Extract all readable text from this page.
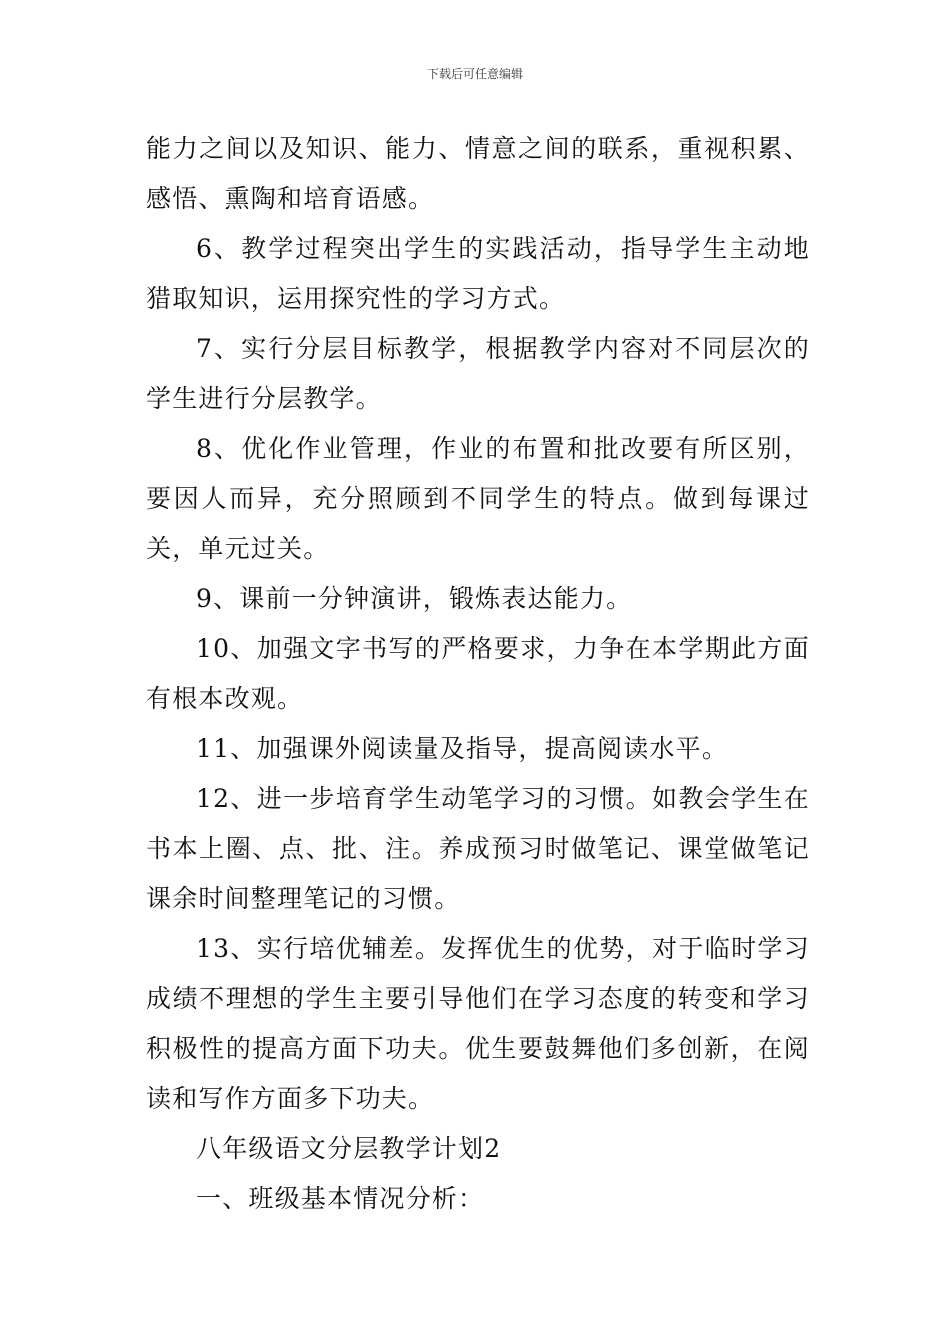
下载后可任意编辑

能力之间以及知识、能力、情意之间的联系，重视积累、感悟、熏陶和培育语感。

6、教学过程突出学生的实践活动，指导学生主动地猎取知识，运用探究性的学习方式。

7、实行分层目标教学，根据教学内容对不同层次的学生进行分层教学。

8、优化作业管理，作业的布置和批改要有所区别，要因人而异，充分照顾到不同学生的特点。做到每课过关，单元过关。

9、课前一分钟演讲，锻炼表达能力。

10、加强文字书写的严格要求，力争在本学期此方面有根本改观。

11、加强课外阅读量及指导，提高阅读水平。

12、进一步培育学生动笔学习的习惯。如教会学生在书本上圈、点、批、注。养成预习时做笔记、课堂做笔记课余时间整理笔记的习惯。

13、实行培优辅差。发挥优生的优势，对于临时学习成绩不理想的学生主要引导他们在学习态度的转变和学习积极性的提高方面下功夫。优生要鼓舞他们多创新，在阅读和写作方面多下功夫。

八年级语文分层教学计划2

一、班级基本情况分析：
